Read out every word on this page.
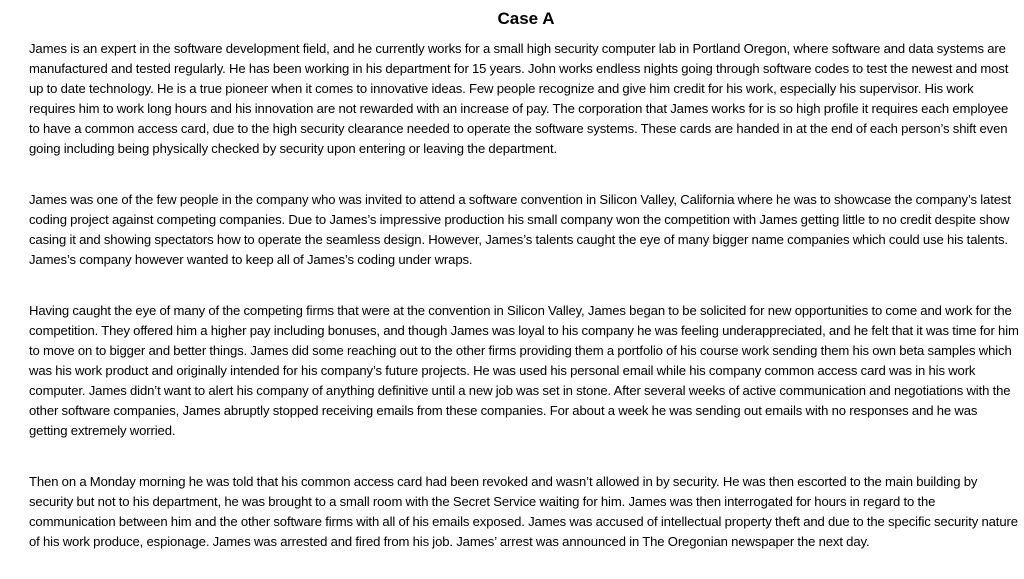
Case A

James is an expert in the software development field, and he currently works for a small high security computer lab in Portland Oregon, where software and data systems are manufactured and tested regularly. He has been working in his department for 15 years. John works endless nights going through software codes to test the newest and most up to date technology. He is a true pioneer when it comes to innovative ideas. Few people recognize and give him credit for his work, especially his supervisor. His work requires him to work long hours and his innovation are not rewarded with an increase of pay. The corporation that James works for is so high profile it requires each employee to have a common access card, due to the high security clearance needed to operate the software systems. These cards are handed in at the end of each person’s shift even going including being physically checked by security upon entering or leaving the department.

James was one of the few people in the company who was invited to attend a software convention in Silicon Valley, California where he was to showcase the company’s latest coding project against competing companies. Due to James’s impressive production his small company won the competition with James getting little to no credit despite show casing it and showing spectators how to operate the seamless design. However, James’s talents caught the eye of many bigger name companies which could use his talents. James’s company however wanted to keep all of James’s coding under wraps.

Having caught the eye of many of the competing firms that were at the convention in Silicon Valley, James began to be solicited for new opportunities to come and work for the competition. They offered him a higher pay including bonuses, and though James was loyal to his company he was feeling underappreciated, and he felt that it was time for him to move on to bigger and better things. James did some reaching out to the other firms providing them a portfolio of his course work sending them his own beta samples which was his work product and originally intended for his company’s future projects. He was used his personal email while his company common access card was in his work computer. James didn’t want to alert his company of anything definitive until a new job was set in stone. After several weeks of active communication and negotiations with the other software companies, James abruptly stopped receiving emails from these companies. For about a week he was sending out emails with no responses and he was getting extremely worried.

Then on a Monday morning he was told that his common access card had been revoked and wasn’t allowed in by security. He was then escorted to the main building by security but not to his department, he was brought to a small room with the Secret Service waiting for him. James was then interrogated for hours in regard to the communication between him and the other software firms with all of his emails exposed. James was accused of intellectual property theft and due to the specific security nature of his work produce, espionage. James was arrested and fired from his job. James’ arrest was announced in The Oregonian newspaper the next day.
